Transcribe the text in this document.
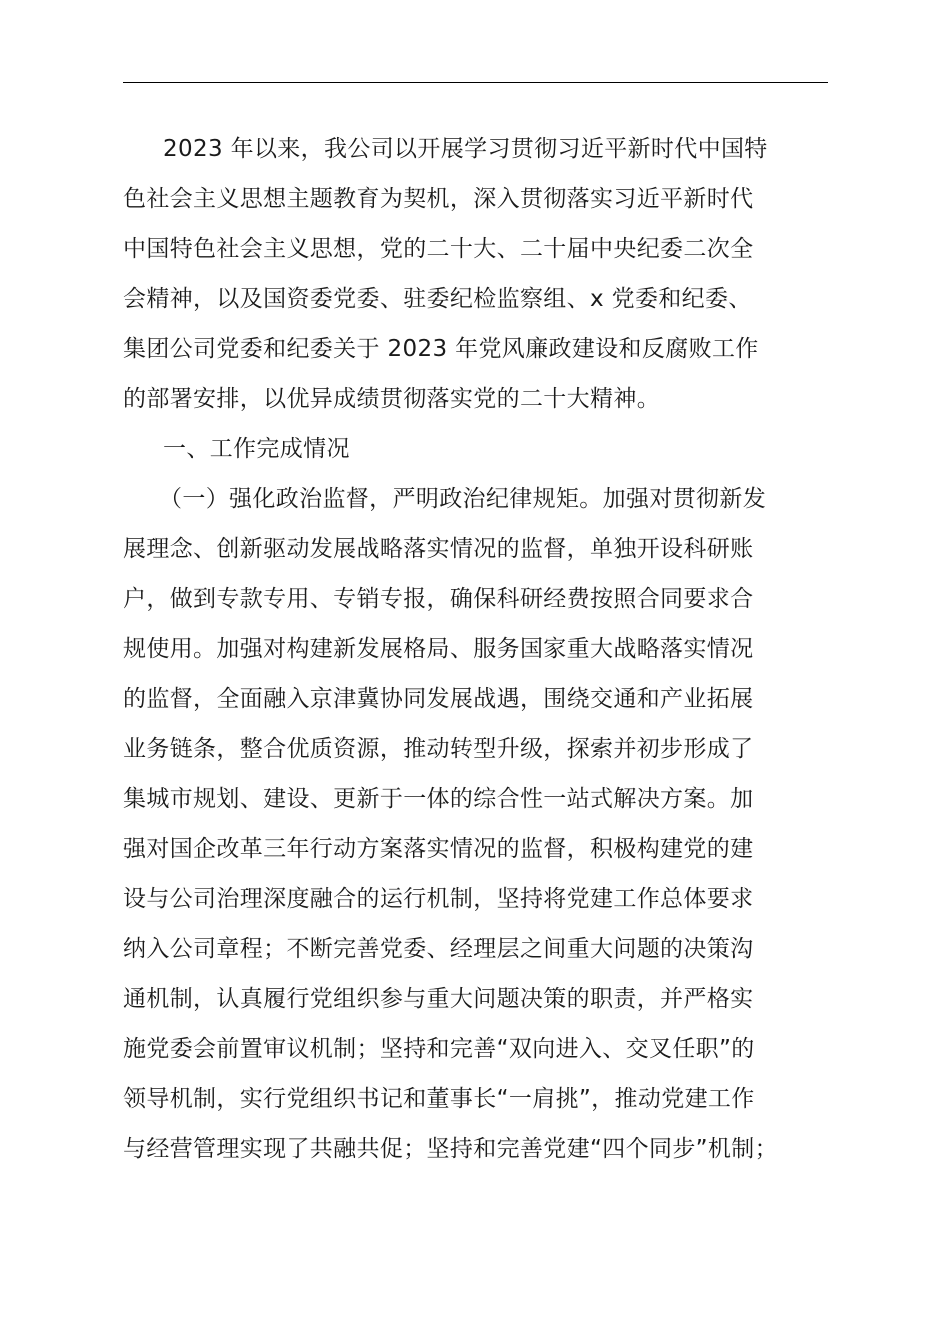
2023 年以来，我公司以开展学习贯彻习近平新时代中国特
色社会主义思想主题教育为契机，深入贯彻落实习近平新时代
中国特色社会主义思想，党的二十大、二十届中央纪委二次全
会精神，以及国资委党委、驻委纪检监察组、x 党委和纪委、
集团公司党委和纪委关于 2023 年党风廉政建设和反腐败工作
的部署安排，以优异成绩贯彻落实党的二十大精神。
一、工作完成情况
（一）强化政治监督，严明政治纪律规矩。加强对贯彻新发
展理念、创新驱动发展战略落实情况的监督，单独开设科研账
户，做到专款专用、专销专报，确保科研经费按照合同要求合
规使用。加强对构建新发展格局、服务国家重大战略落实情况
的监督，全面融入京津冀协同发展战遇，围绕交通和产业拓展
业务链条，整合优质资源，推动转型升级，探索并初步形成了
集城市规划、建设、更新于一体的综合性一站式解决方案。加
强对国企改革三年行动方案落实情况的监督，积极构建党的建
设与公司治理深度融合的运行机制，坚持将党建工作总体要求
纳入公司章程；不断完善党委、经理层之间重大问题的决策沟
通机制，认真履行党组织参与重大问题决策的职责，并严格实
施党委会前置审议机制；坚持和完善“双向进入、交叉任职”的
领导机制，实行党组织书记和董事长“一肩挑”，推动党建工作
与经营管理实现了共融共促；坚持和完善党建“四个同步”机制；
